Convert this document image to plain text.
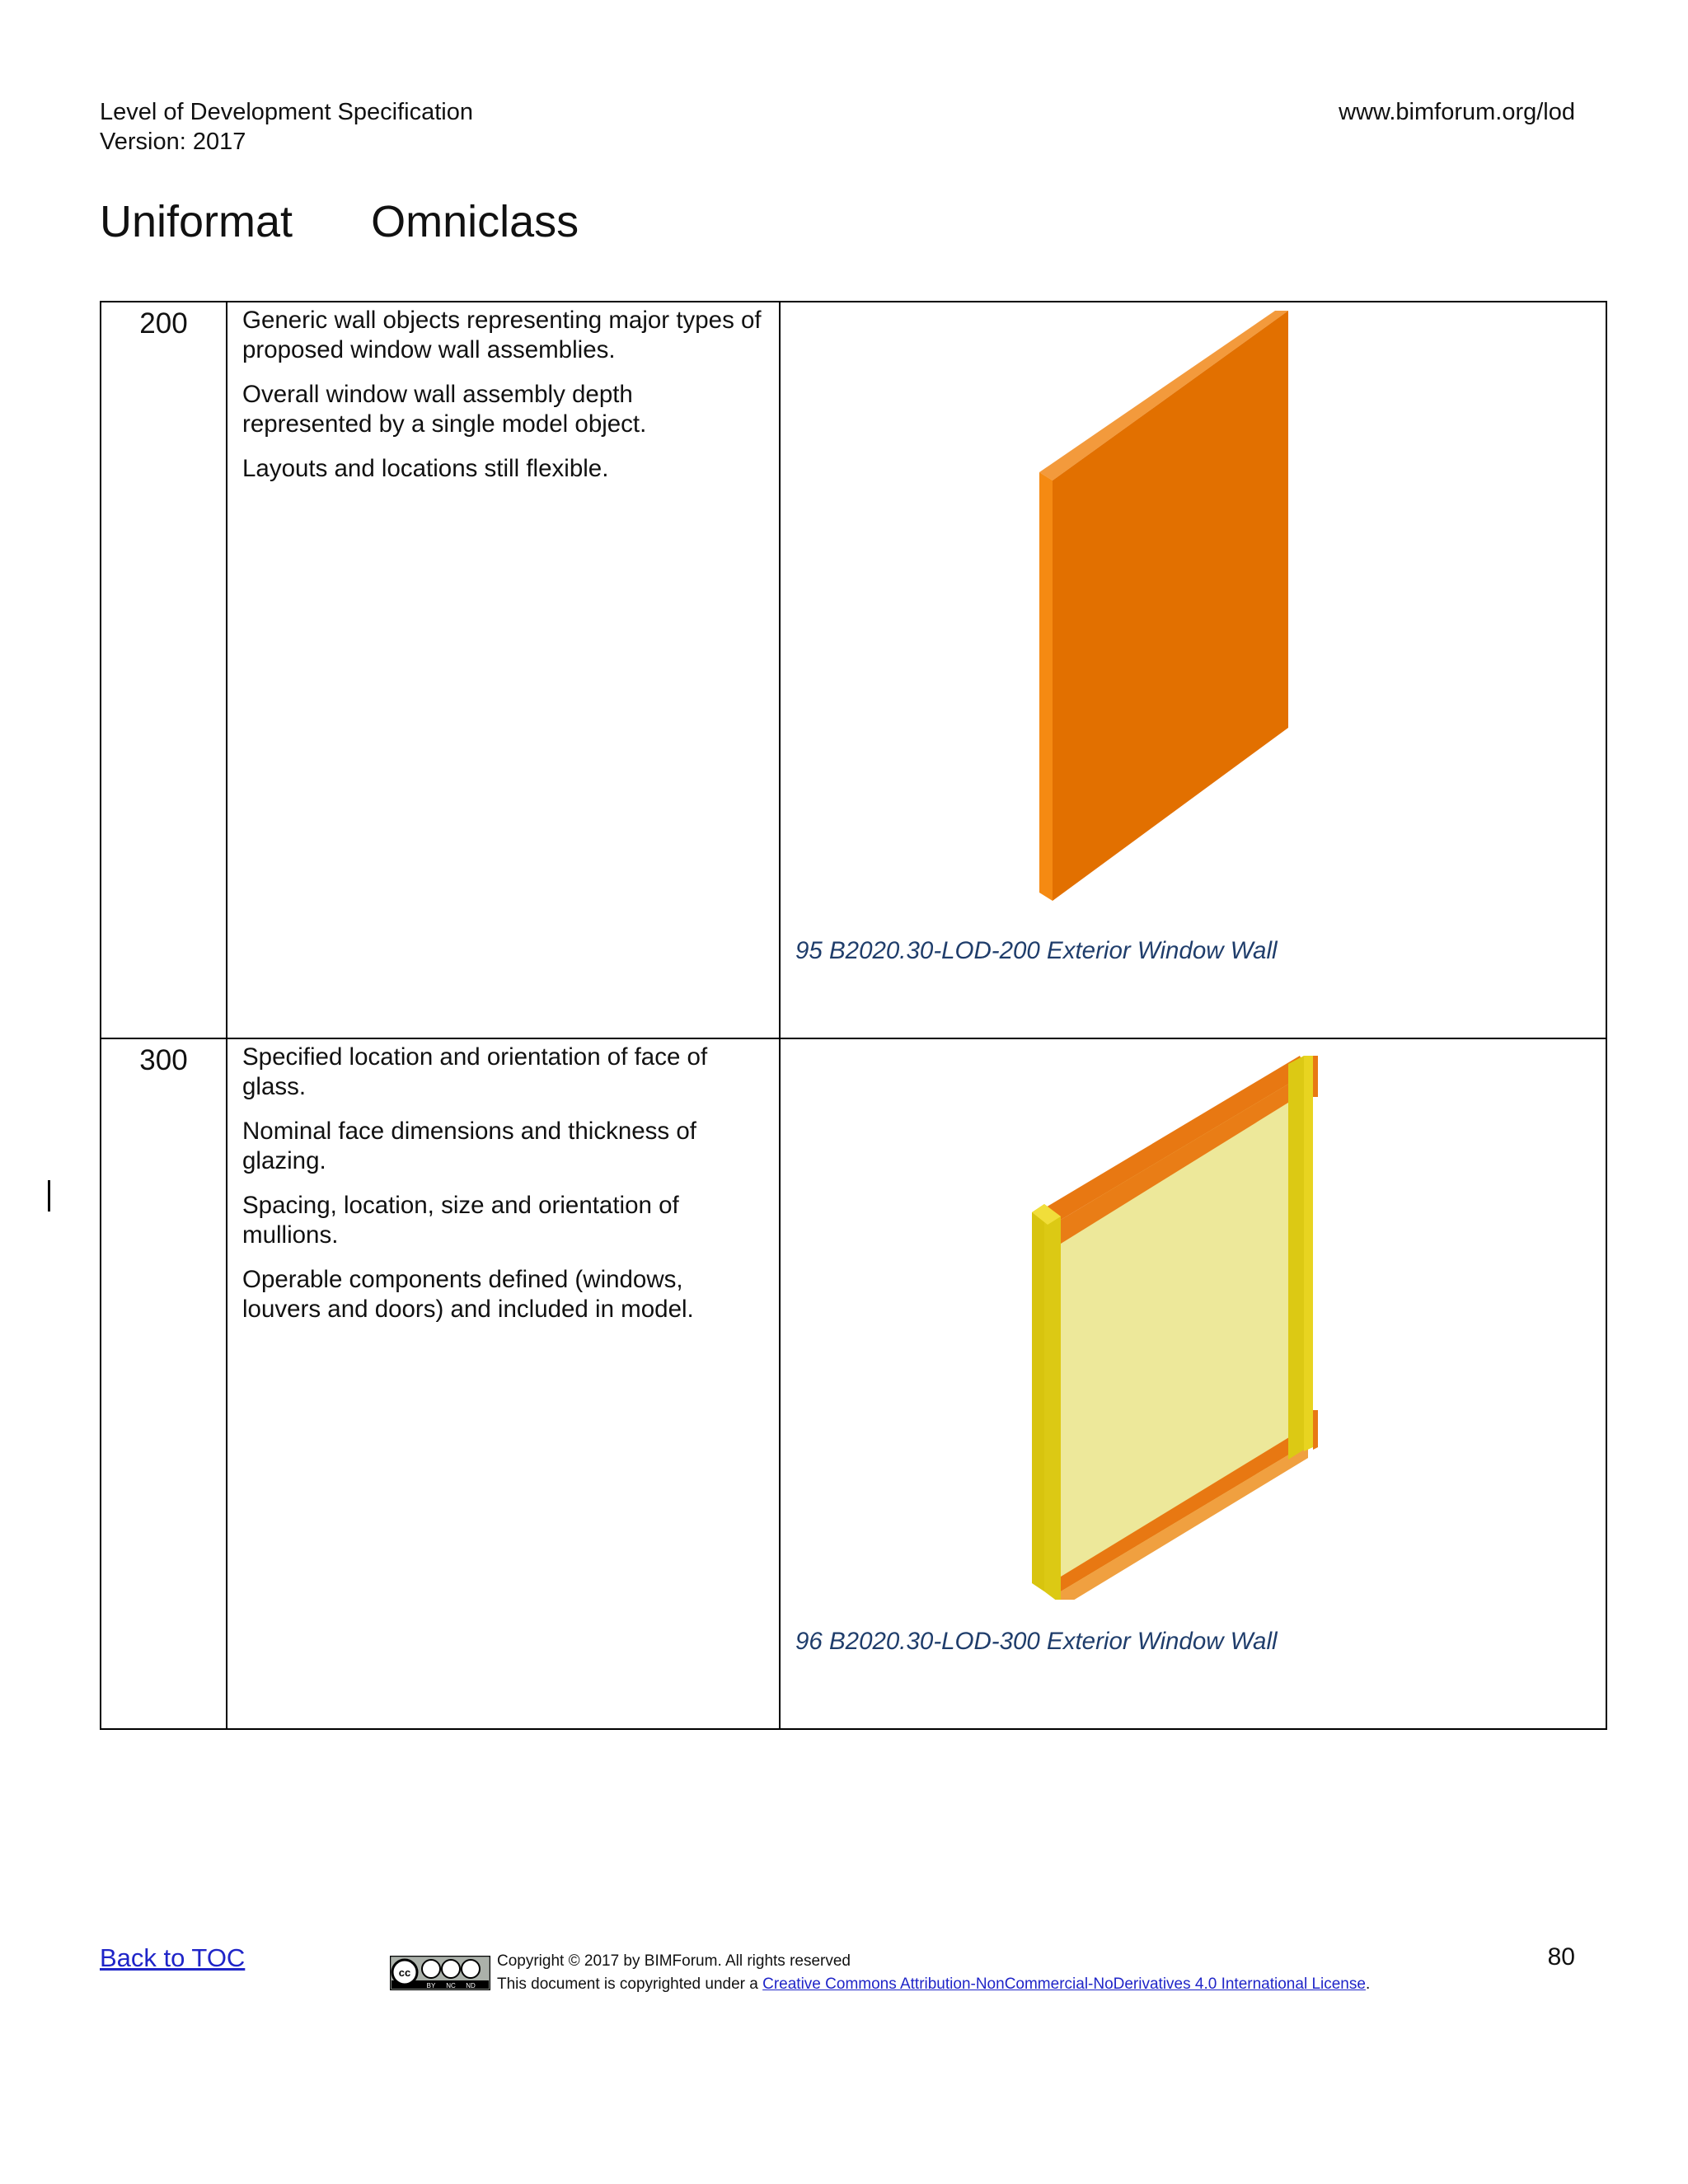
Level of Development Specification
Version: 2017
www.bimforum.org/lod
Uniformat Omniclass
200	Generic wall objects representing major types of proposed window wall assemblies.

Overall window wall assembly depth represented by a single model object.

Layouts and locations still flexible.	95 B2020.30-LOD-200 Exterior Window Wall

300	Specified location and orientation of face of glass.

Nominal face dimensions and thickness of glazing.

Spacing, location, size and orientation of mullions.

Operable components defined (windows, louvers and doors) and included in model.	96 B2020.30-LOD-300 Exterior Window Wall
Back to TOC
cc
BY NC ND
Copyright © 2017 by BIMForum. All rights reserved
This document is copyrighted under a Creative Commons Attribution-NonCommercial-NoDerivatives 4.0 International License.
80
